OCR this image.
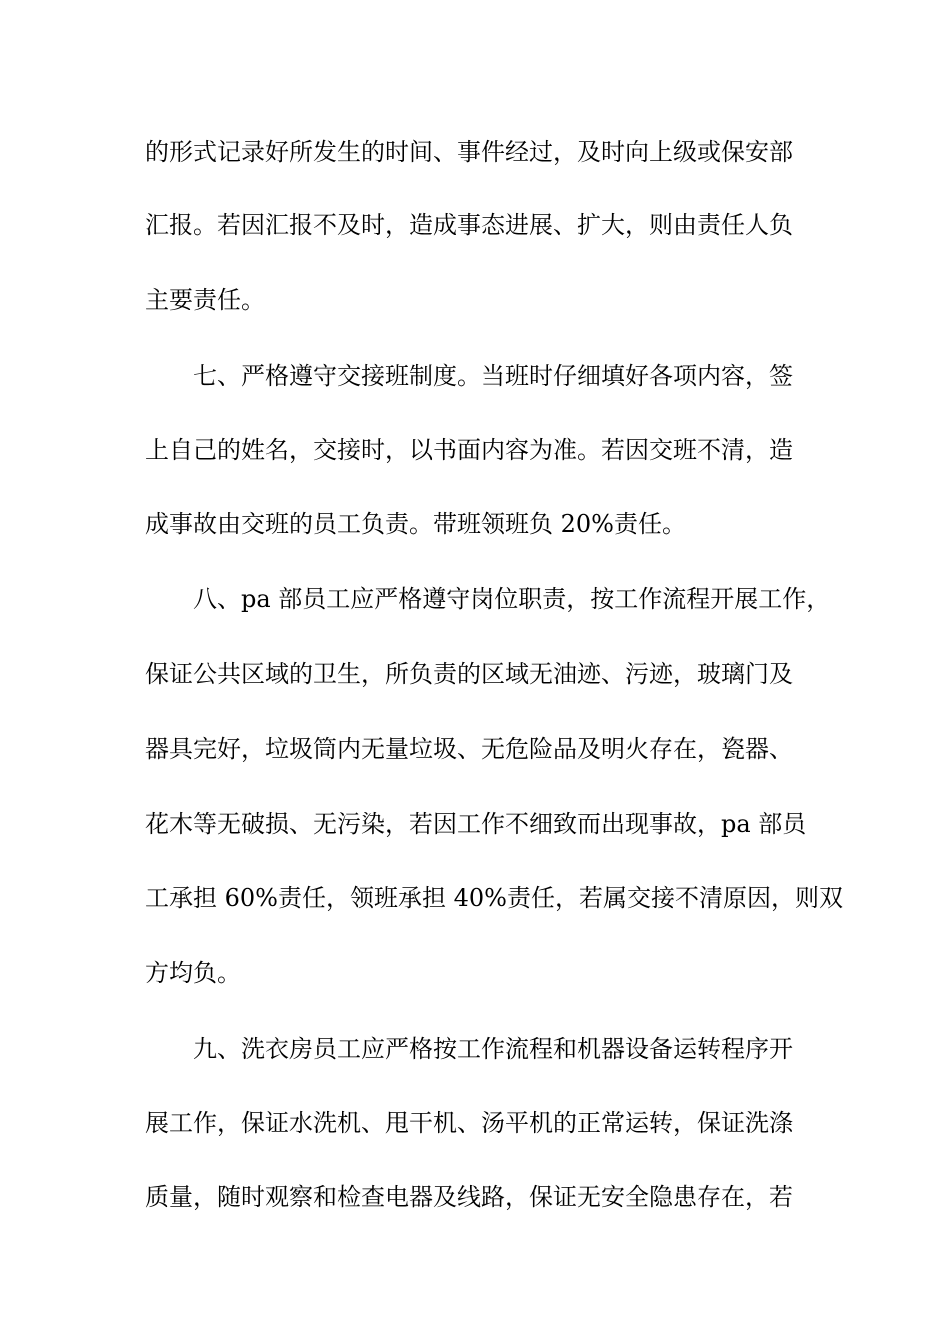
的形式记录好所发生的时间、事件经过，及时向上级或保安部
汇报。若因汇报不及时，造成事态进展、扩大，则由责任人负
主要责任。
七、严格遵守交接班制度。当班时仔细填好各项内容，签
上自己的姓名，交接时，以书面内容为准。若因交班不清，造
成事故由交班的员工负责。带班领班负 20%责任。
八、pa 部员工应严格遵守岗位职责，按工作流程开展工作，
保证公共区域的卫生，所负责的区域无油迹、污迹，玻璃门及
器具完好，垃圾筒内无量垃圾、无危险品及明火存在，瓷器、
花木等无破损、无污染，若因工作不细致而出现事故，pa 部员
工承担 60%责任，领班承担 40%责任，若属交接不清原因，则双
方均负。
九、洗衣房员工应严格按工作流程和机器设备运转程序开
展工作，保证水洗机、甩干机、汤平机的正常运转，保证洗涤
质量，随时观察和检查电器及线路，保证无安全隐患存在，若
